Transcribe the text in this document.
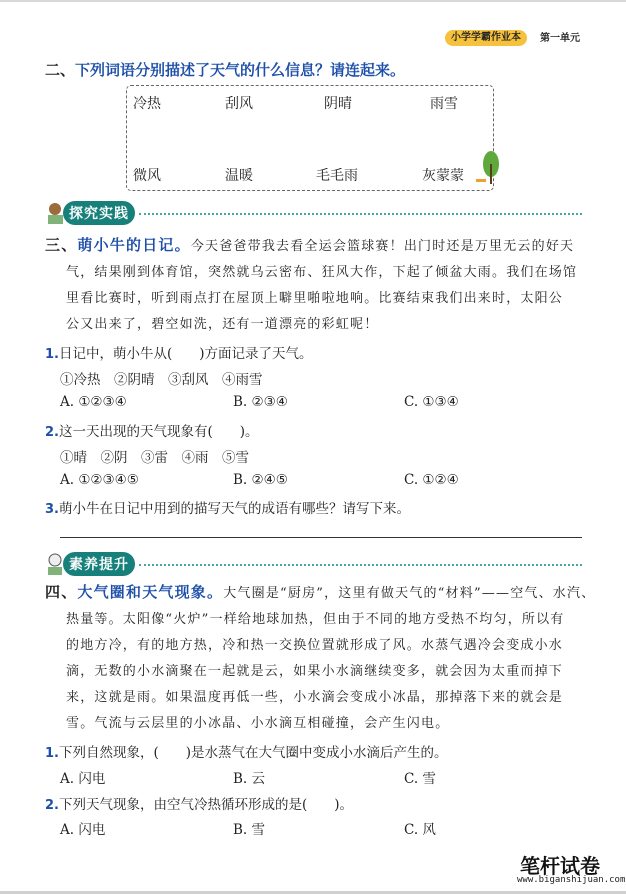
小学学霸作业本	第一单元
二、下列词语分别描述了天气的什么信息？请连起来。
冷热	刮风	阴晴	雨雪
微风	温暖	毛毛雨	灰蒙蒙
探究实践
三、萌小牛的日记。今天爸爸带我去看全运会篮球赛！出门时还是万里无云的好天
气，结果刚到体育馆，突然就乌云密布、狂风大作，下起了倾盆大雨。我们在场馆
里看比赛时，听到雨点打在屋顶上噼里啪啦地响。比赛结束我们出来时，太阳公
公又出来了，碧空如洗，还有一道漂亮的彩虹呢！
1.日记中，萌小牛从(　　)方面记录了天气。
①冷热　②阴晴　③刮风　④雨雪
A. ①②③④	B. ②③④	C. ①③④
2.这一天出现的天气现象有(　　)。
①晴　②阴　③雷　④雨　⑤雪
A. ①②③④⑤	B. ②④⑤	C. ①②④
3.萌小牛在日记中用到的描写天气的成语有哪些？请写下来。
素养提升
四、大气圈和天气现象。大气圈是“厨房”，这里有做天气的“材料”——空气、水汽、
热量等。太阳像“火炉”一样给地球加热，但由于不同的地方受热不均匀，所以有
的地方冷，有的地方热，冷和热一交换位置就形成了风。水蒸气遇冷会变成小水
滴，无数的小水滴聚在一起就是云，如果小水滴继续变多，就会因为太重而掉下
来，这就是雨。如果温度再低一些，小水滴会变成小冰晶，那掉落下来的就会是
雪。气流与云层里的小冰晶、小水滴互相碰撞，会产生闪电。
1.下列自然现象，(　　)是水蒸气在大气圈中变成小水滴后产生的。
A. 闪电	B. 云	C. 雪
2.下列天气现象，由空气冷热循环形成的是(　　)。
A. 闪电	B. 雪	C. 风
笔杆试卷
www.biganshijuan.com
